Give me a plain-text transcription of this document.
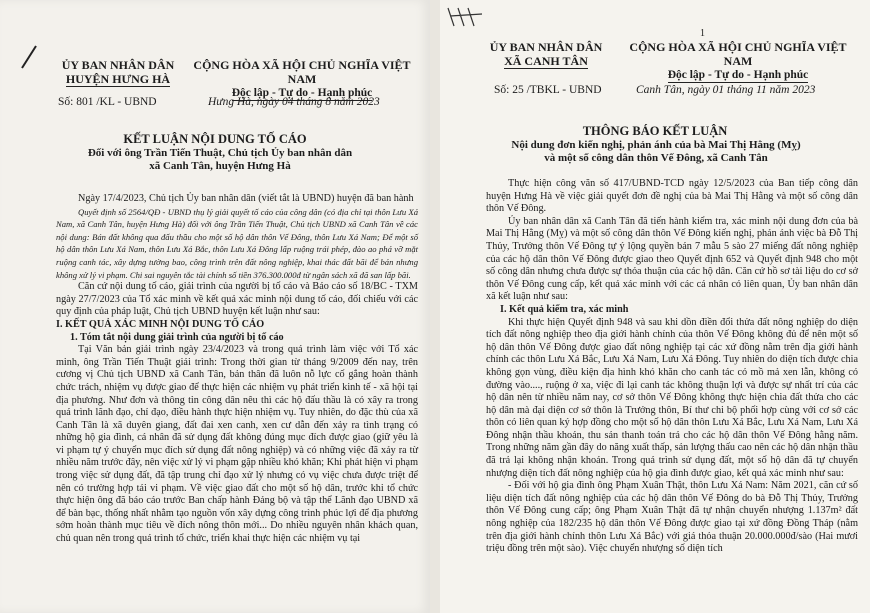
ỦY BAN NHÂN DÂN
HUYỆN HƯNG HÀ
CỘNG HÒA XÃ HỘI CHỦ NGHĨA VIỆT NAM
Độc lập - Tự do - Hạnh phúc
Số: 801 /KL - UBND	Hưng Hà, ngày 04 tháng 8 năm 2023
KẾT LUẬN NỘI DUNG TỐ CÁO
Đối với ông Trần Tiến Thuật, Chủ tịch Ủy ban nhân dân
xã Canh Tân, huyện Hưng Hà

Ngày 17/4/2023, Chủ tịch Ủy ban nhân dân (viết tắt là UBND) huyện đã ban hành

Quyết định số 2564/QĐ - UBND thụ lý giải quyết tố cáo của công dân (có địa chỉ tại thôn Lưu Xá Nam, xã Canh Tân, huyện Hưng Hà) đối với ông Trần Tiến Thuật, Chủ tịch UBND xã Canh Tân về các nội dung: Bán đất không qua đấu thầu cho một số hộ dân thôn Vế Đông, thôn Lưu Xá Nam; Để một số hộ dân thôn Lưu Xá Nam, thôn Lưu Xá Bắc, thôn Lưu Xá Đông lấp ruộng trái phép, đào ao phá vỡ mặt ruộng canh tác, xây dựng tường bao, công trình trên đất nông nghiệp, khai thác đất bãi để bán nhưng không xử lý vi phạm. Chi sai nguyên tắc tài chính số tiền 376.300.000đ từ ngân sách xã đã san lấp bãi.

Căn cứ nội dung tố cáo, giải trình của người bị tố cáo và Báo cáo số 18/BC - TXM ngày 27/7/2023 của Tổ xác minh về kết quả xác minh nội dung tố cáo, đối chiếu với các quy định của pháp luật, Chủ tịch UBND huyện kết luận như sau:

I. KẾT QUẢ XÁC MINH NỘI DUNG TỐ CÁO

1. Tóm tắt nội dung giải trình của người bị tố cáo

Tại Văn bản giải trình ngày 23/4/2023 và trong quá trình làm việc với Tổ xác minh, ông Trần Tiến Thuật giải trình: Trong thời gian từ tháng 9/2009 đến nay, trên cương vị Chủ tịch UBND xã Canh Tân, bản thân đã luôn nỗ lực cố gắng hoàn thành chức trách, nhiệm vụ được giao để thực hiện các nhiệm vụ phát triển kinh tế - xã hội tại địa phương. Như đơn và thông tin công dân nêu thì các hộ đấu thầu là có xây ra trong quá trình lãnh đạo, chỉ đạo, điều hành thực hiện nhiệm vụ. Tuy nhiên, do đặc thù của xã Canh Tân là xã duyên giang, đất đai xen canh, xen cư dẫn đến xảy ra tình trạng có những hộ gia đình, cá nhân đã sử dụng đất không đúng mục đích được giao (giữ yêu là vi phạm tự ý chuyển mục đích sử dụng đất nông nghiệp) và có những việc đã xảy ra từ nhiều năm trước đây, nên việc xử lý vi phạm gặp nhiều khó khăn; Khi phát hiện vi phạm trong việc sử dụng đất, đã tập trung chỉ đạo xử lý nhưng có vụ việc chưa được triệt để nên có trường hợp tái vi phạm. Về việc giao đất cho một số hộ dân, trước khi tổ chức thực hiện ông đã báo cáo trước Ban chấp hành Đảng bộ và tập thể Lãnh đạo UBND xã để bàn bạc, thống nhất nhằm tạo nguồn vốn xây dựng công trình phúc lợi để địa phương sớm hoàn thành mục tiêu về đích nông thôn mới... Do nhiều nguyên nhân khách quan, chủ quan nên trong quá trình tổ chức, triển khai thực hiện các nhiệm vụ tại

1
ỦY BAN NHÂN DÂN
XÃ CANH TÂN
CỘNG HÒA XÃ HỘI CHỦ NGHĨA VIỆT NAM
Độc lập - Tự do - Hạnh phúc
Số: 25 /TBKL - UBND	Canh Tân, ngày 01 tháng 11 năm 2023
THÔNG BÁO KẾT LUẬN
Nội dung đơn kiến nghị, phản ánh của bà Mai Thị Hằng (Mỵ)
và một số công dân thôn Vế Đông, xã Canh Tân

Thực hiện công văn số 417/UBND-TCD ngày 12/5/2023 của Ban tiếp công dân huyện Hưng Hà về việc giải quyết đơn đề nghị của bà Mai Thị Hằng và một số công dân thôn Vế Đông.

Ủy ban nhân dân xã Canh Tân đã tiến hành kiểm tra, xác minh nội dung đơn của bà Mai Thị Hằng (Mỵ) và một số công dân thôn Vế Đông kiến nghị, phản ánh việc bà Đỗ Thị Thủy, Trưởng thôn Vế Đông tự ý lộng quyền bán 7 mẫu 5 sào 27 miếng đất nông nghiệp của các hộ dân thôn Vế Đông được giao theo Quyết định 652 và Quyết định 948 cho một số công dân nhưng chưa được sự thỏa thuận của các hộ dân. Căn cứ hồ sơ tài liệu do cơ sở thôn Vế Đông cung cấp, kết quả xác minh với các cá nhân có liên quan, Ủy ban nhân dân xã kết luận như sau:

I. Kết quả kiểm tra, xác minh

Khi thực hiện Quyết định 948 và sau khi dồn điền đổi thửa đất nông nghiệp do diện tích đất nông nghiệp theo địa giới hành chính của thôn Vế Đông không đủ để nên một số hộ dân thôn Vế Đông được giao đất nông nghiệp tại các xứ đồng nằm trên địa giới hành chính các thôn Lưu Xá Bắc, Lưu Xá Nam, Lưu Xá Đông. Tuy nhiên do diện tích được chia không gọn vùng, điều kiện địa hình khó khăn cho canh tác có mồ mả xen lẫn, không có đường vào...., ruộng ở xa, việc đi lại canh tác không thuận lợi và được sự nhất trí của các hộ dân nên từ nhiều năm nay, cơ sở thôn Vế Đông không thực hiện chia đất thửa cho các hộ dân mà đại diện cơ sở thôn là Trưởng thôn, Bí thư chi bộ phối hợp cùng với cơ sở các thôn có liên quan ký hợp đồng cho một số hộ dân thôn Lưu Xá Bắc, Lưu Xá Nam, Lưu Xá Đông nhận thầu khoán, thu sản thanh toán trả cho các hộ dân thôn Vế Đông hằng năm. Trong những năm gần đây do năng xuất thấp, sản lượng thấu cao nên các hộ dân nhận thầu đã trả lại không nhận khoán. Trong quá trình sử dụng đất, một số hộ dân đã tự chuyển nhượng diện tích đất nông nghiệp của hộ gia đình được giao, kết quả xác minh như sau:

- Đối với hộ gia đình ông Phạm Xuân Thật, thôn Lưu Xá Nam: Năm 2021, căn cứ số liệu diện tích đất nông nghiệp của các hộ dân thôn Vế Đông do bà Đỗ Thị Thủy, Trưởng thôn Vế Đông cung cấp; ông Phạm Xuân Thật đã tự nhận chuyển nhượng 1.137m² đất nông nghiệp của 182/235 hộ dân thôn Vế Đông được giao tại xứ đồng Đồng Tháp (nằm trên địa giới hành chính thôn Lưu Xá Bắc) với giá thỏa thuận 20.000.000đ/sào (Hai mươi triệu đồng trên một sào). Việc chuyển nhượng số diện tích
